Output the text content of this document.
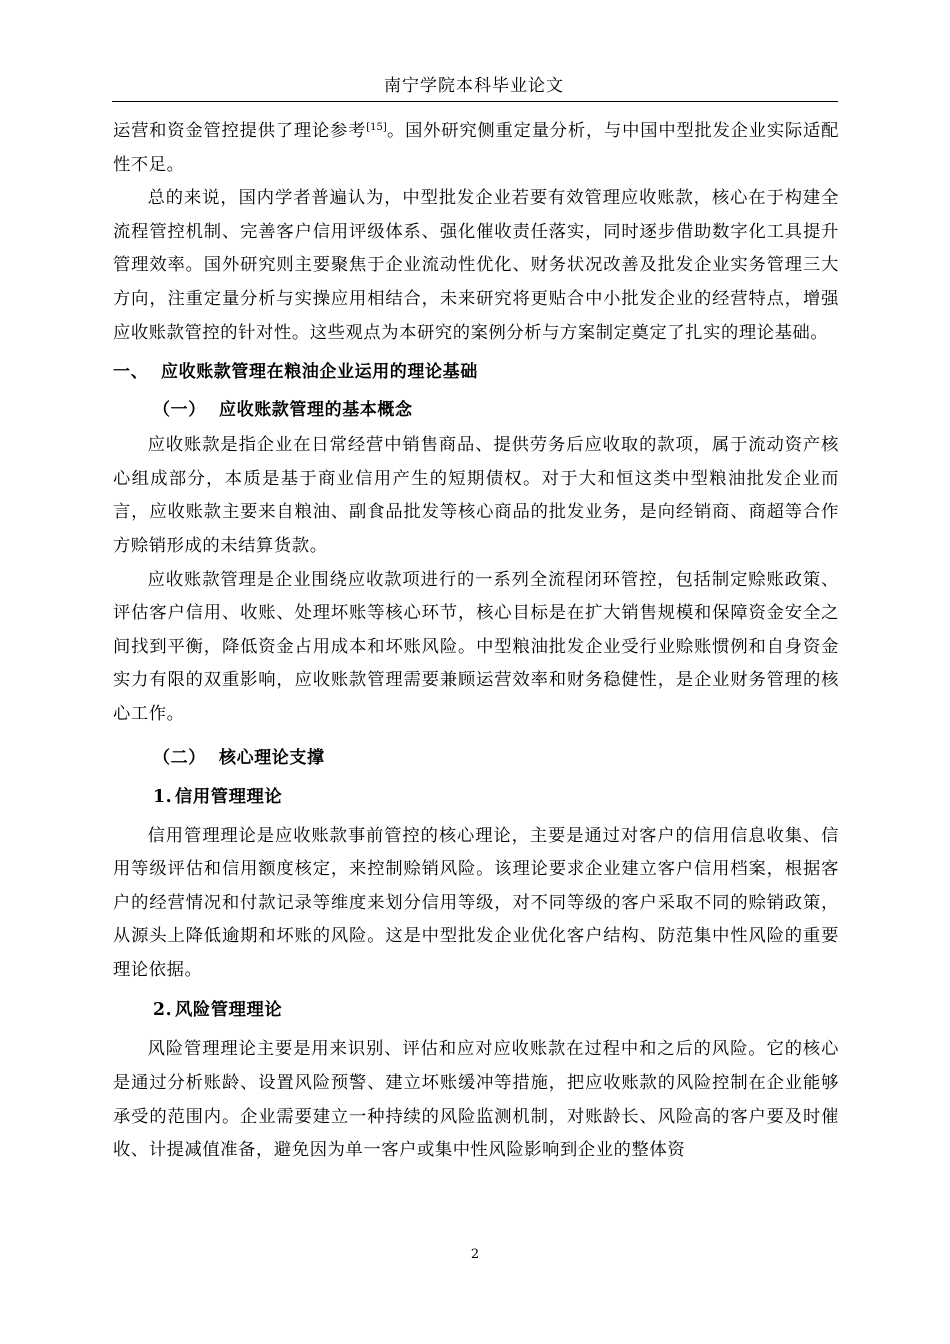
南宁学院本科毕业论文

运营和资金管控提供了理论参考[15]。国外研究侧重定量分析，与中国中型批发企业实际适配性不足。

总的来说，国内学者普遍认为，中型批发企业若要有效管理应收账款，核心在于构建全流程管控机制、完善客户信用评级体系、强化催收责任落实，同时逐步借助数字化工具提升管理效率。国外研究则主要聚焦于企业流动性优化、财务状况改善及批发企业实务管理三大方向，注重定量分析与实操应用相结合，未来研究将更贴合中小批发企业的经营特点，增强应收账款管控的针对性。这些观点为本研究的案例分析与方案制定奠定了扎实的理论基础。

一、 应收账款管理在粮油企业运用的理论基础
（一） 应收账款管理的基本概念

应收账款是指企业在日常经营中销售商品、提供劳务后应收取的款项，属于流动资产核心组成部分，本质是基于商业信用产生的短期债权。对于大和恒这类中型粮油批发企业而言，应收账款主要来自粮油、副食品批发等核心商品的批发业务，是向经销商、商超等合作方赊销形成的未结算货款。

应收账款管理是企业围绕应收款项进行的一系列全流程闭环管控，包括制定赊账政策、评估客户信用、收账、处理坏账等核心环节，核心目标是在扩大销售规模和保障资金安全之间找到平衡，降低资金占用成本和坏账风险。中型粮油批发企业受行业赊账惯例和自身资金实力有限的双重影响，应收账款管理需要兼顾运营效率和财务稳健性，是企业财务管理的核心工作。

（二） 核心理论支撑
1. 信用管理理论

信用管理理论是应收账款事前管控的核心理论，主要是通过对客户的信用信息收集、信用等级评估和信用额度核定，来控制赊销风险。该理论要求企业建立客户信用档案，根据客户的经营情况和付款记录等维度来划分信用等级，对不同等级的客户采取不同的赊销政策，从源头上降低逾期和坏账的风险。这是中型批发企业优化客户结构、防范集中性风险的重要理论依据。

2. 风险管理理论

风险管理理论主要是用来识别、评估和应对应收账款在过程中和之后的风险。它的核心是通过分析账龄、设置风险预警、建立坏账缓冲等措施，把应收账款的风险控制在企业能够承受的范围内。企业需要建立一种持续的风险监测机制，对账龄长、风险高的客户要及时催收、计提减值准备，避免因为单一客户或集中性风险影响到企业的整体资

2
